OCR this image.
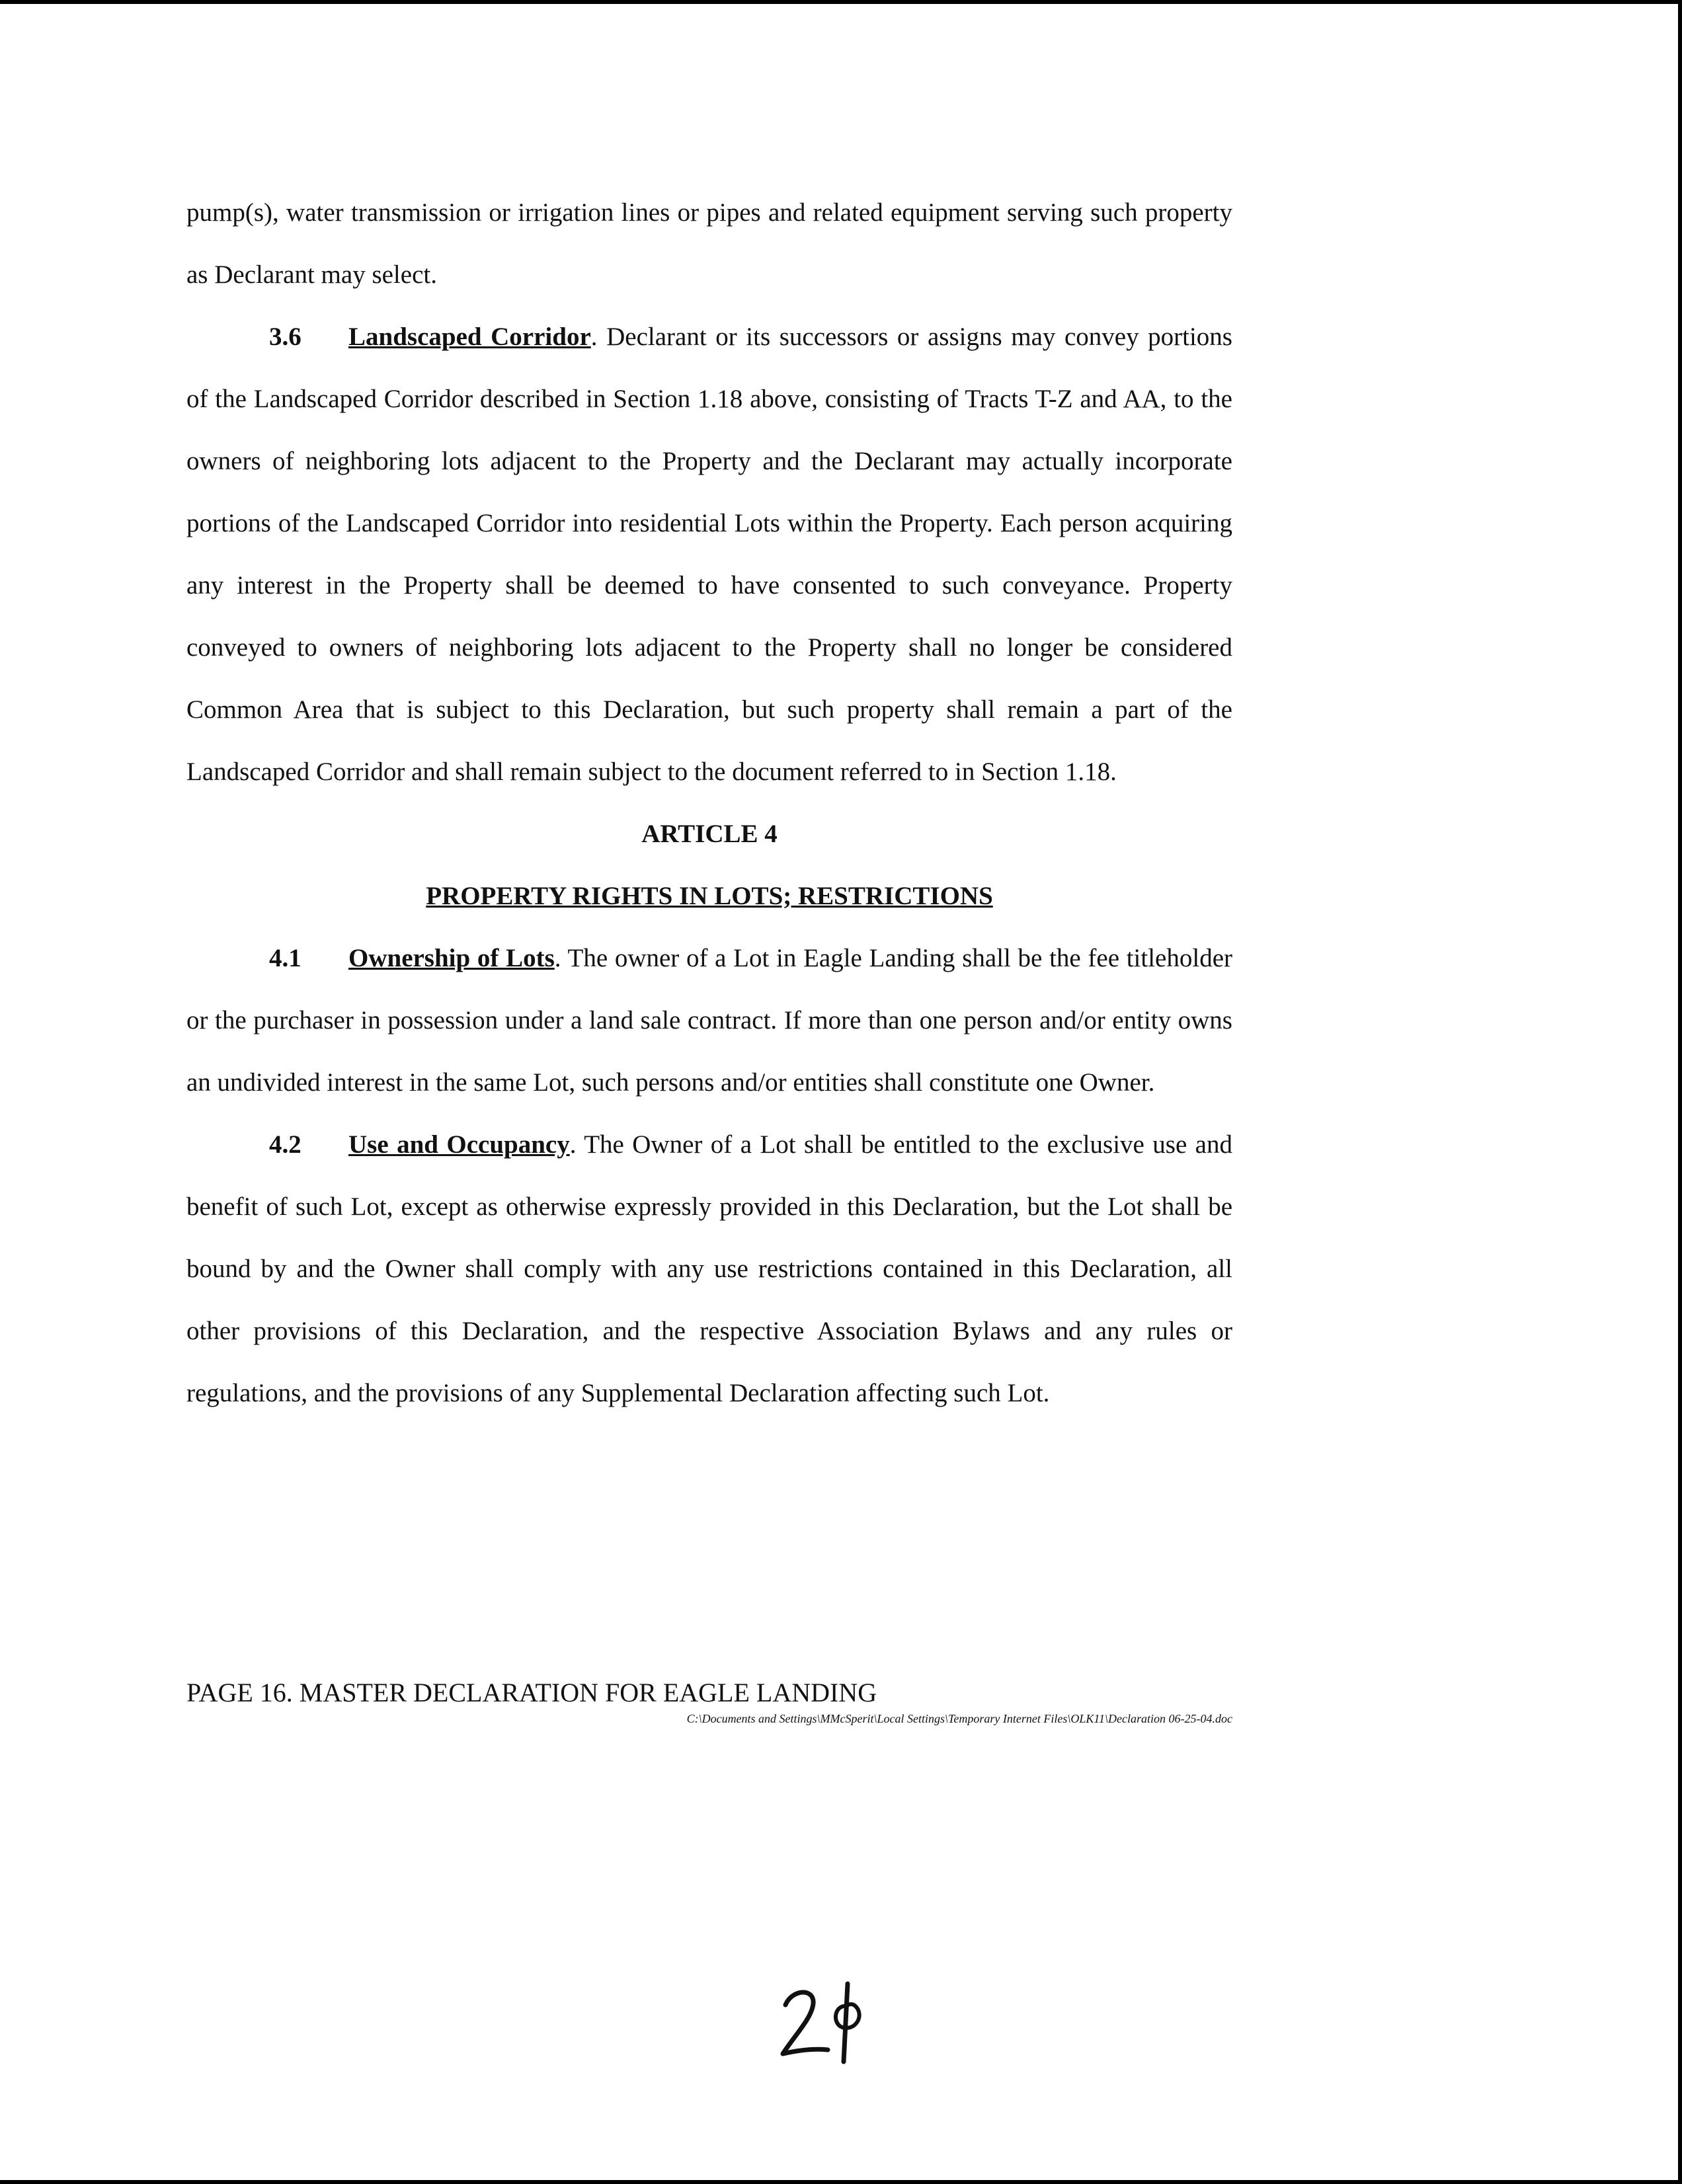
pump(s), water transmission or irrigation lines or pipes and related equipment serving such property as Declarant may select.

3.6 Landscaped Corridor. Declarant or its successors or assigns may convey portions of the Landscaped Corridor described in Section 1.18 above, consisting of Tracts T-Z and AA, to the owners of neighboring lots adjacent to the Property and the Declarant may actually incorporate portions of the Landscaped Corridor into residential Lots within the Property. Each person acquiring any interest in the Property shall be deemed to have consented to such conveyance. Property conveyed to owners of neighboring lots adjacent to the Property shall no longer be considered Common Area that is subject to this Declaration, but such property shall remain a part of the Landscaped Corridor and shall remain subject to the document referred to in Section 1.18.

ARTICLE 4

PROPERTY RIGHTS IN LOTS; RESTRICTIONS

4.1 Ownership of Lots. The owner of a Lot in Eagle Landing shall be the fee titleholder or the purchaser in possession under a land sale contract. If more than one person and/or entity owns an undivided interest in the same Lot, such persons and/or entities shall constitute one Owner.

4.2 Use and Occupancy. The Owner of a Lot shall be entitled to the exclusive use and benefit of such Lot, except as otherwise expressly provided in this Declaration, but the Lot shall be bound by and the Owner shall comply with any use restrictions contained in this Declaration, all other provisions of this Declaration, and the respective Association Bylaws and any rules or regulations, and the provisions of any Supplemental Declaration affecting such Lot.

PAGE 16. MASTER DECLARATION FOR EAGLE LANDING

C:\Documents and Settings\MMcSperit\Local Settings\Temporary Internet Files\OLK11\Declaration 06-25-04.doc
